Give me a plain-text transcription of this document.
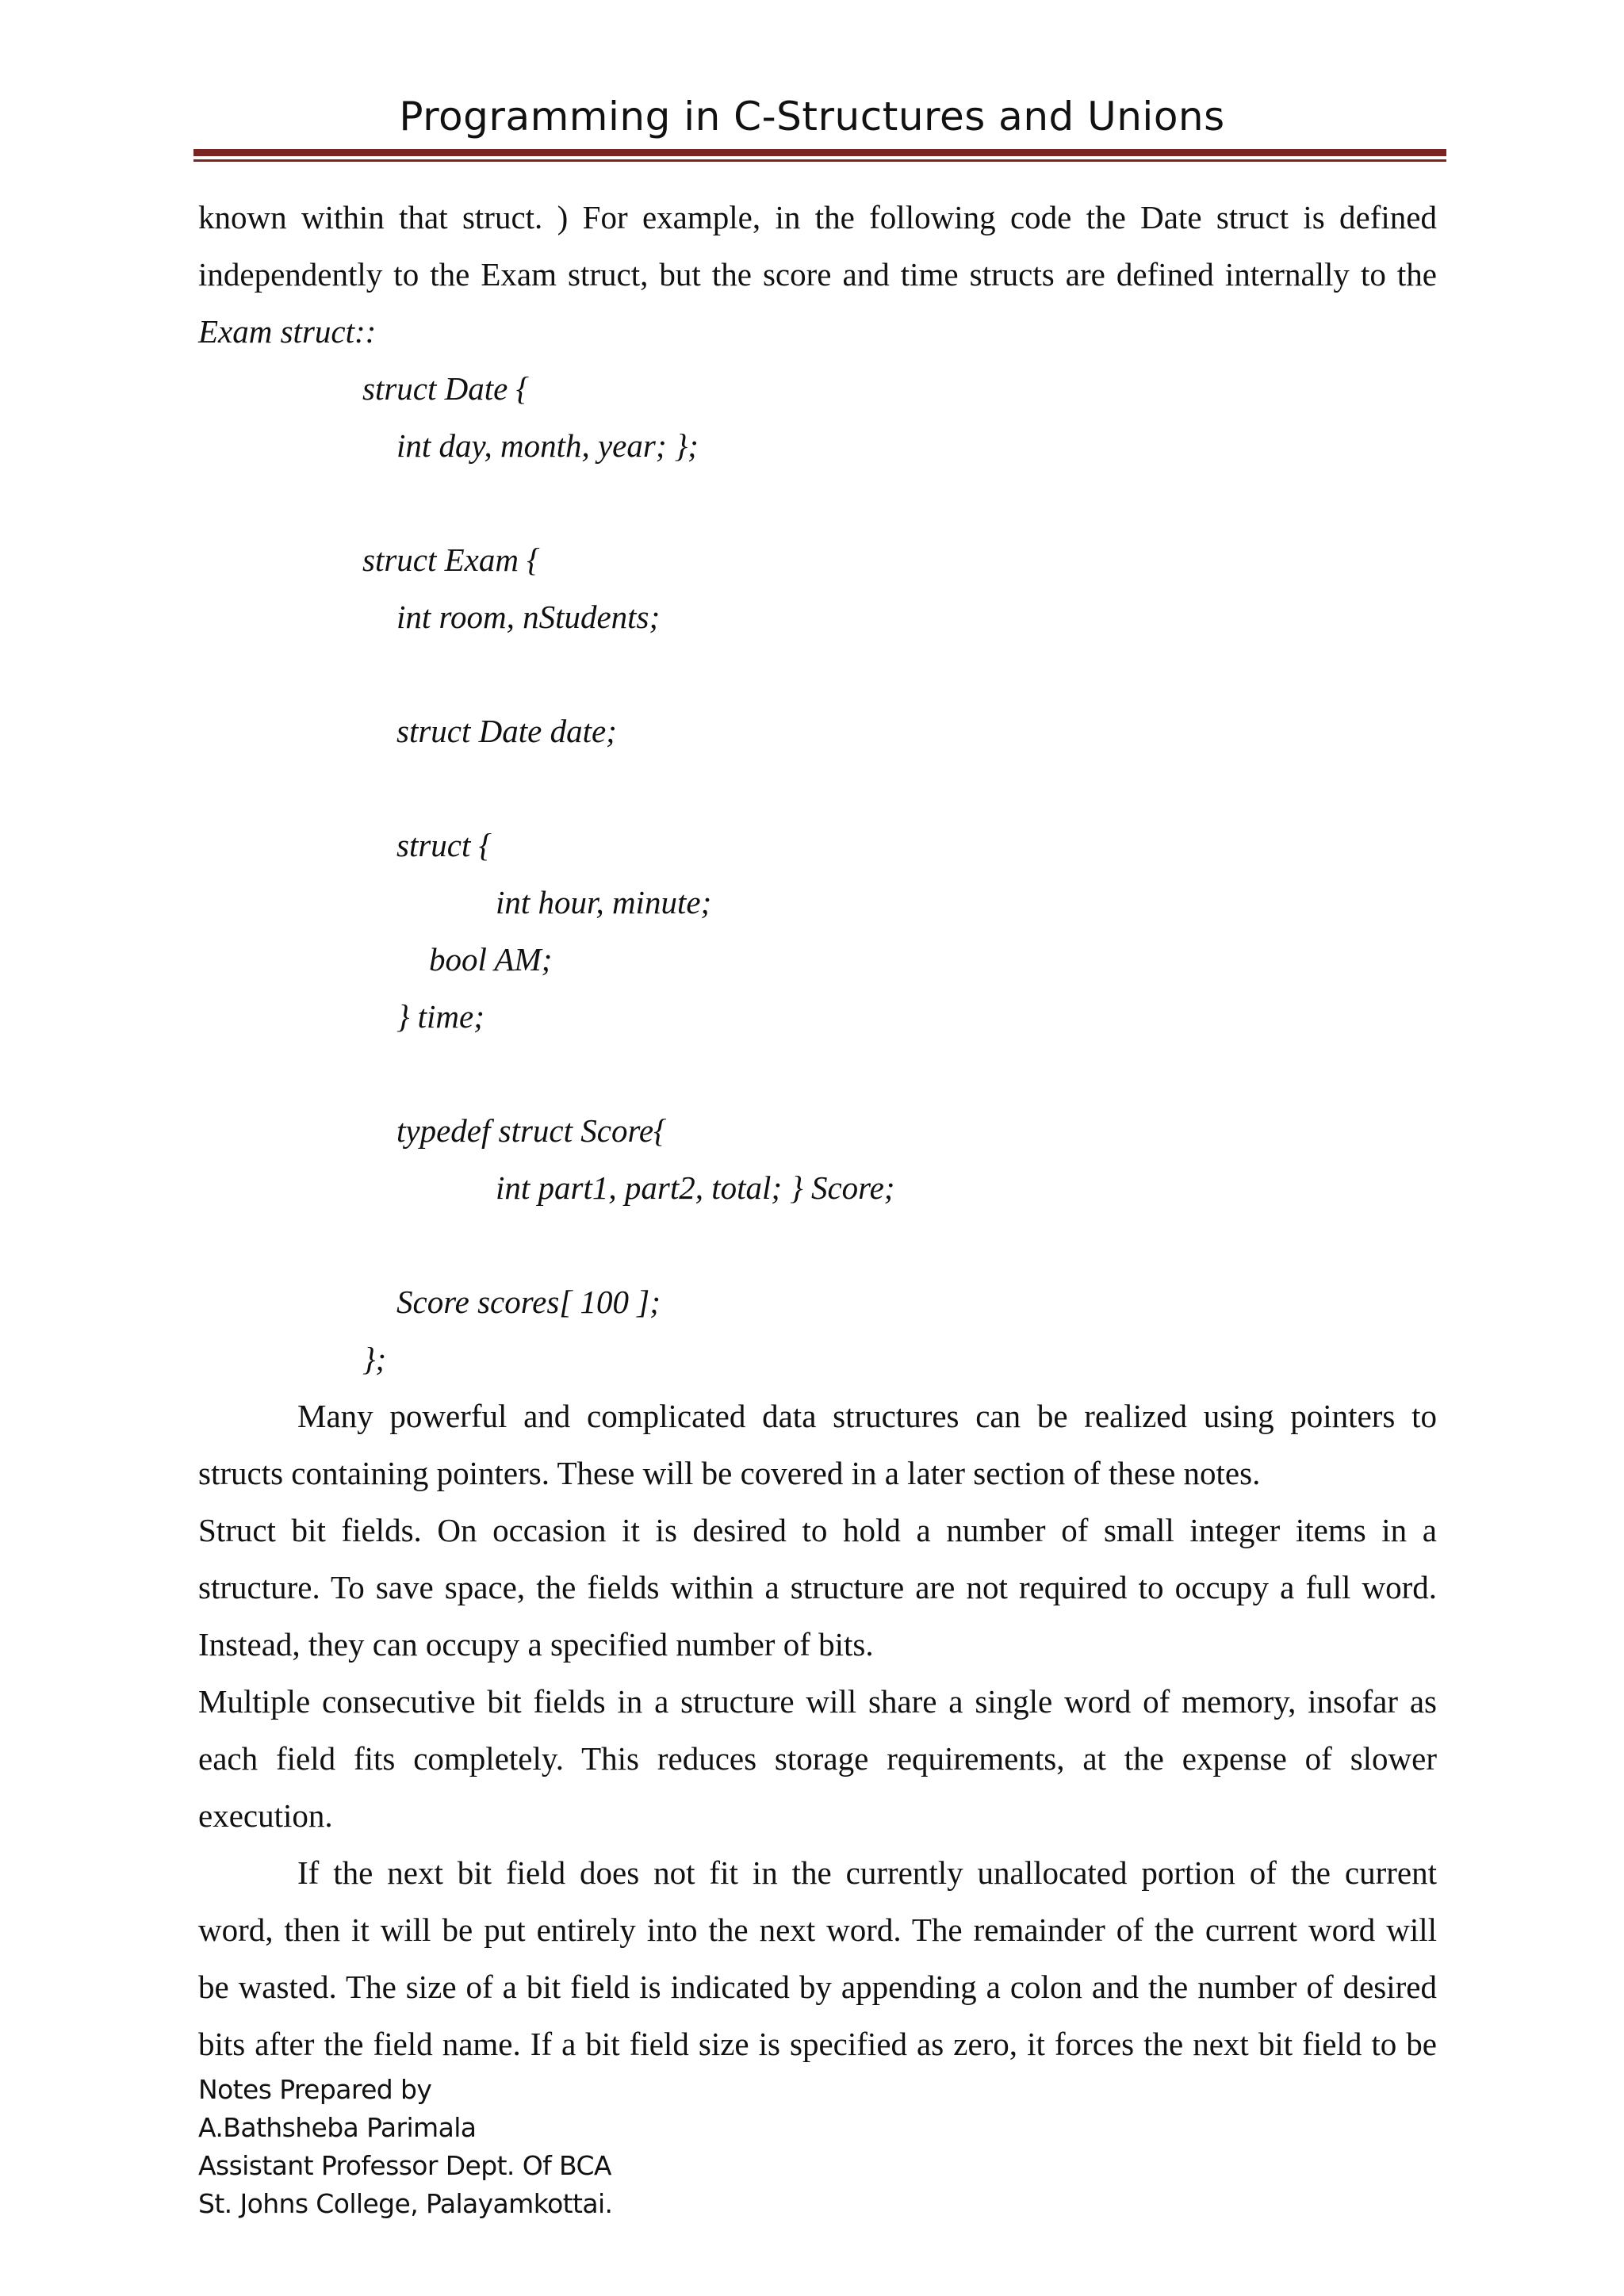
Programming in C-Structures and Unions
known within that struct. ) For example, in the following code the Date struct is defined
independently to the Exam struct, but the score and time structs are defined internally to the
Exam struct::
struct Date {
int day, month, year; };
struct Exam {
int room, nStudents;
struct Date date;
struct {
int hour, minute;
bool AM;
} time;
typedef struct Score{
int part1, part2, total; } Score;
Score scores[ 100 ];
};
Many powerful and complicated data structures can be realized using pointers to
structs containing pointers. These will be covered in a later section of these notes.
Struct bit fields. On occasion it is desired to hold a number of small integer items in a
structure. To save space, the fields within a structure are not required to occupy a full word.
Instead, they can occupy a specified number of bits.
Multiple consecutive bit fields in a structure will share a single word of memory, insofar as
each field fits completely. This reduces storage requirements, at the expense of slower
execution.
If the next bit field does not fit in the currently unallocated portion of the current
word, then it will be put entirely into the next word. The remainder of the current word will
be wasted. The size of a bit field is indicated by appending a colon and the number of desired
bits after the field name. If a bit field size is specified as zero, it forces the next bit field to be
Notes Prepared by
A.Bathsheba Parimala
Assistant Professor Dept. Of BCA
St. Johns College, Palayamkottai.
